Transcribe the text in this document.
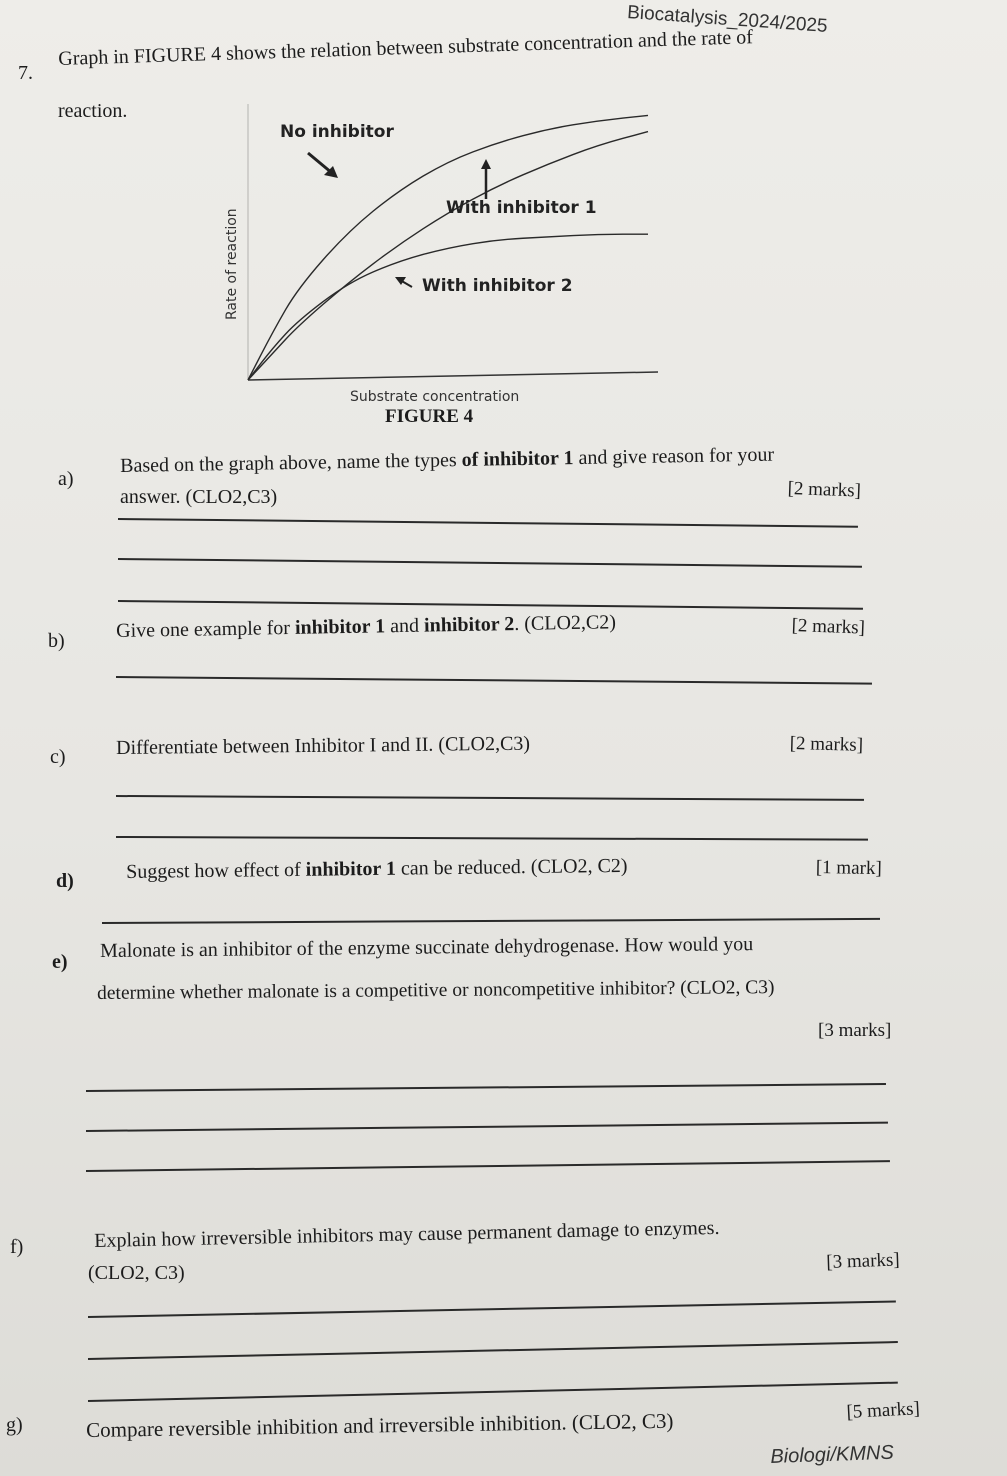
Biocatalysis_2024/2025
7.
Graph in FIGURE 4 shows the relation between substrate concentration and the rate of
reaction.
Rate of reaction
Substrate concentration
No inhibitor
With inhibitor 1
With inhibitor 2
FIGURE 4
a)
Based on the graph above, name the types of inhibitor 1 and give reason for your
answer. (CLO2,C3)	[2 marks]
b)	Give one example for inhibitor 1 and inhibitor 2. (CLO2,C2)	[2 marks]
c)	Differentiate between Inhibitor I and II. (CLO2,C3)	[2 marks]
d)	Suggest how effect of inhibitor 1 can be reduced. (CLO2, C2)	[1 mark]
e)
Malonate is an inhibitor of the enzyme succinate dehydrogenase. How would you
determine whether malonate is a competitive or noncompetitive inhibitor? (CLO2, C3)
[3 marks]
f)	Explain how irreversible inhibitors may cause permanent damage to enzymes.
(CLO2, C3)
[3 marks]
g)	Compare reversible inhibition and irreversible inhibition. (CLO2, C3)	[5 marks]
Biologi/KMNS
